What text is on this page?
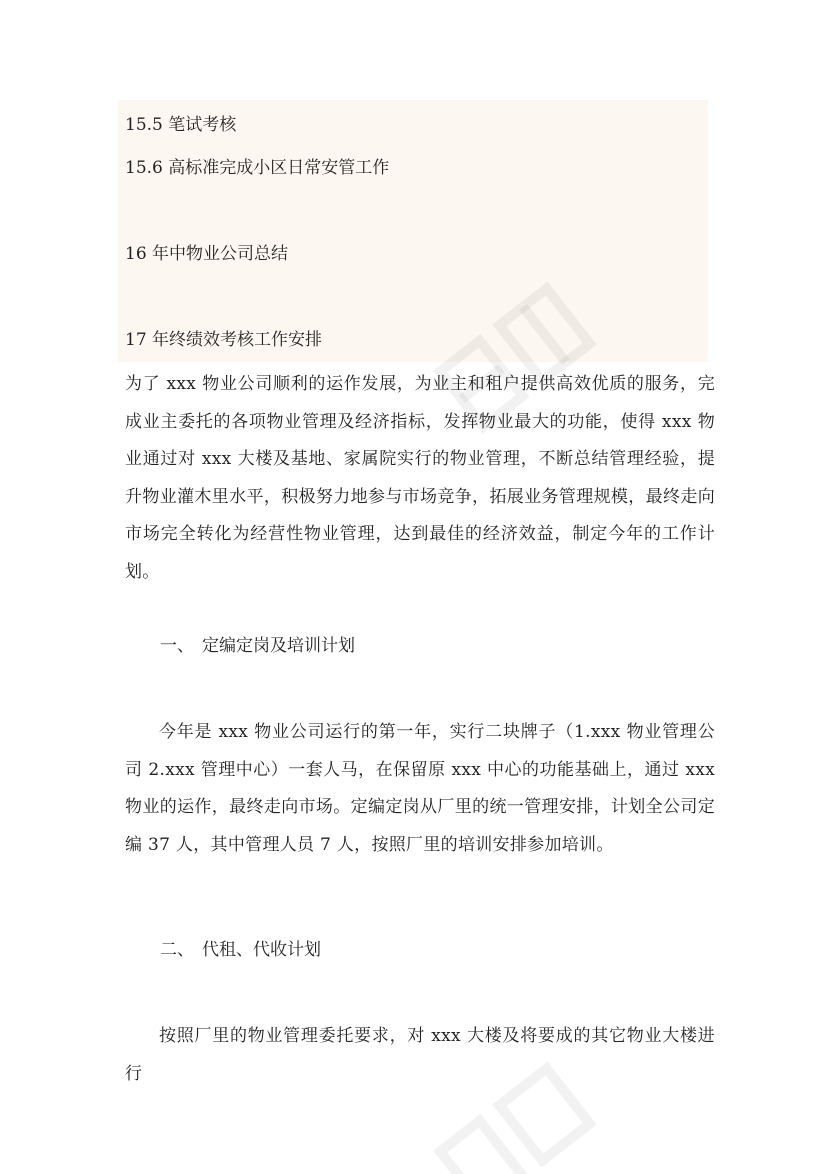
15.5 笔试考核
15.6 高标准完成小区日常安管工作
16 年中物业公司总结
17 年终绩效考核工作安排
为了 xxx 物业公司顺利的运作发展，为业主和租户提供高效优质的服务，完成业主委托的各项物业管理及经济指标，发挥物业最大的功能，使得 xxx 物业通过对 xxx 大楼及基地、家属院实行的物业管理，不断总结管理经验，提升物业灌木里水平，积极努力地参与市场竞争，拓展业务管理规模，最终走向市场完全转化为经营性物业管理，达到最佳的经济效益，制定今年的工作计划。
一、 定编定岗及培训计划
今年是 xxx 物业公司运行的第一年，实行二块牌子（1.xxx 物业管理公司 2.xxx 管理中心）一套人马，在保留原 xxx 中心的功能基础上，通过 xxx 物业的运作，最终走向市场。定编定岗从厂里的统一管理安排，计划全公司定编 37 人，其中管理人员 7 人，按照厂里的培训安排参加培训。
二、 代租、代收计划
按照厂里的物业管理委托要求，对 xxx 大楼及将要成的其它物业大楼进行
